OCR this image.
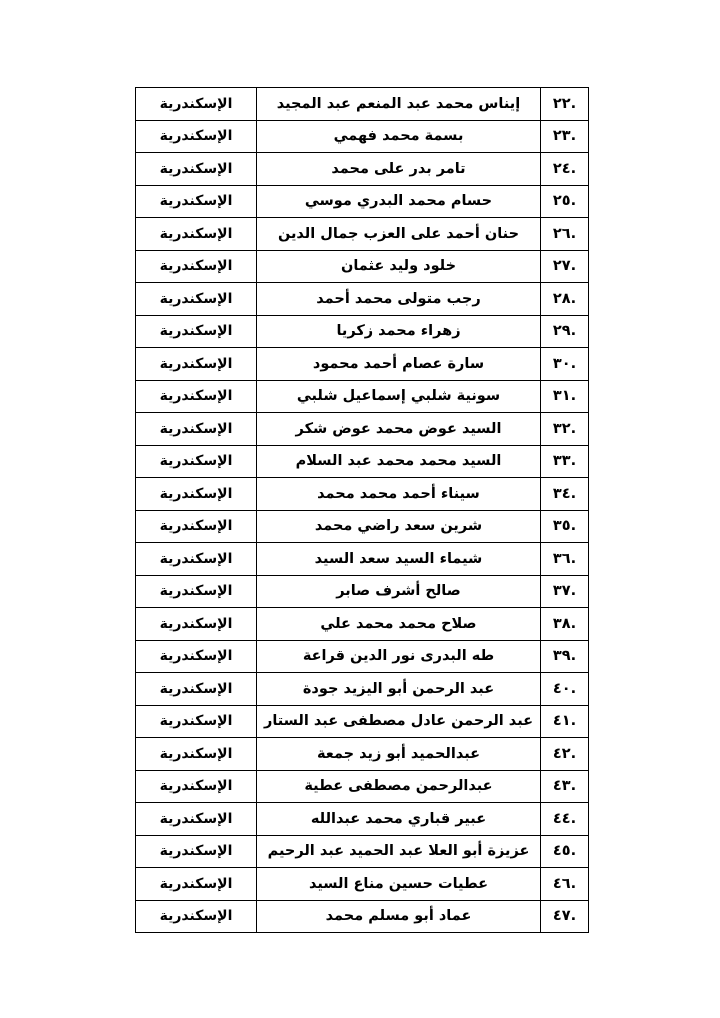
.٢٢	إيناس محمد عبد المنعم عبد المجيد	الإسكندرية
.٢٣	بسمة محمد فهمي	الإسكندرية
.٢٤	تامر بدر على محمد	الإسكندرية
.٢٥	حسام محمد البدري موسي	الإسكندرية
.٢٦	حنان أحمد على العزب جمال الدين	الإسكندرية
.٢٧	خلود وليد عثمان	الإسكندرية
.٢٨	رجب متولى محمد أحمد	الإسكندرية
.٢٩	زهراء محمد زكريا	الإسكندرية
.٣٠	سارة عصام أحمد محمود	الإسكندرية
.٣١	سونية شلبي إسماعيل شلبي	الإسكندرية
.٣٢	السيد عوض محمد عوض شكر	الإسكندرية
.٣٣	السيد محمد محمد عبد السلام	الإسكندرية
.٣٤	سيناء أحمد محمد محمد	الإسكندرية
.٣٥	شرين سعد راضي محمد	الإسكندرية
.٣٦	شيماء السيد سعد السيد	الإسكندرية
.٣٧	صالح أشرف صابر	الإسكندرية
.٣٨	صلاح محمد محمد علي	الإسكندرية
.٣٩	طه البدرى نور الدين قراعة	الإسكندرية
.٤٠	عبد الرحمن أبو اليزيد جودة	الإسكندرية
.٤١	عبد الرحمن عادل مصطفى عبد الستار	الإسكندرية
.٤٢	عبدالحميد أبو زيد جمعة	الإسكندرية
.٤٣	عبدالرحمن مصطفى عطية	الإسكندرية
.٤٤	عبير قباري محمد عبدالله	الإسكندرية
.٤٥	عزيزة أبو العلا عبد الحميد عبد الرحيم	الإسكندرية
.٤٦	عطيات حسين مناع السيد	الإسكندرية
.٤٧	عماد أبو مسلم محمد	الإسكندرية
